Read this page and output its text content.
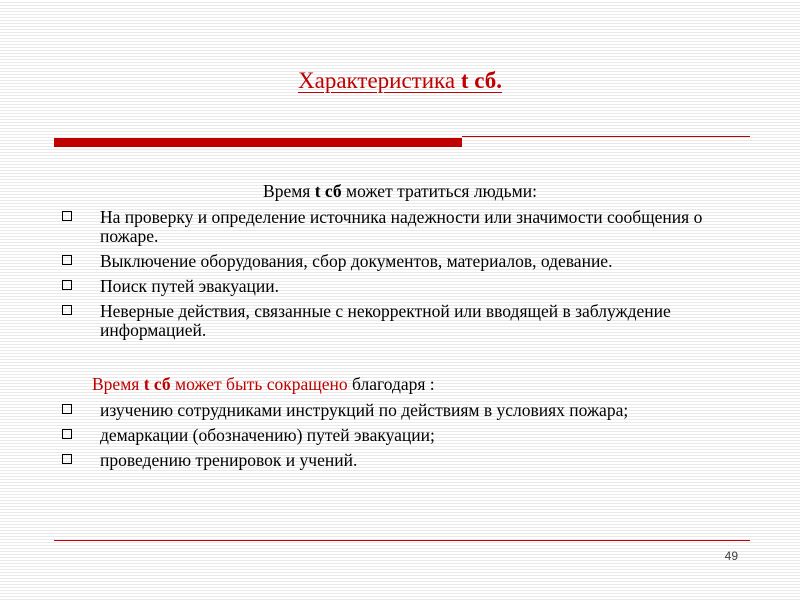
Характеристика t сб.
Время t сб может тратиться людьми:
На проверку и определение источника надежности или значимости сообщения о пожаре.
Выключение оборудования, сбор документов, материалов, одевание.
Поиск путей эвакуации.
Неверные действия, связанные с некорректной или вводящей в заблуждение информацией.
Время t сб может быть сокращено благодаря :
изучению сотрудниками инструкций по действиям в условиях пожара;
демаркации (обозначению) путей эвакуации;
проведению тренировок и учений.
49
